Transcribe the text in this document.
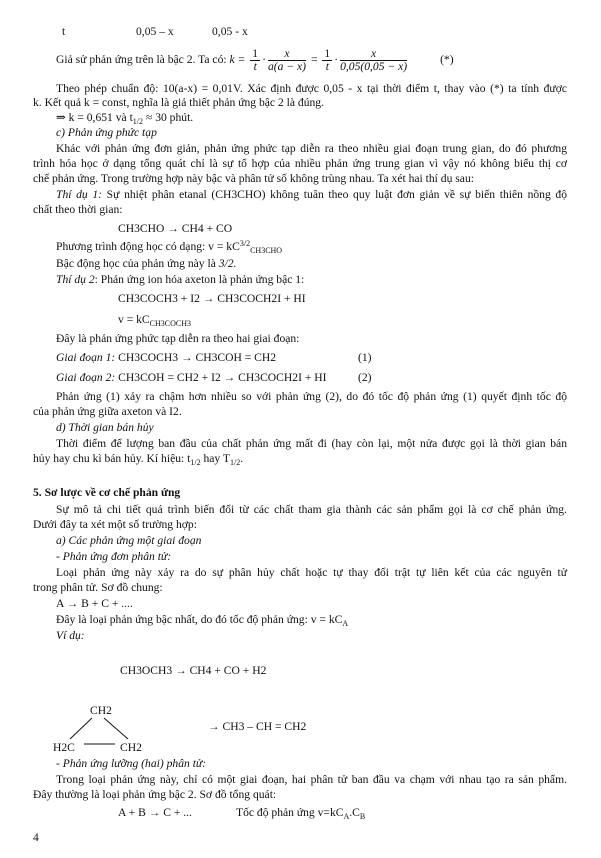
t	0,05 – x	0,05 - x
Giả sử phản ứng trên là bậc 2. Ta có: $k = \frac{1}{t} \cdot \frac{x}{a(a - x)} = \frac{1}{t} \cdot \frac{x}{0,05(0,05 - x)}$	(*)
Theo phép chuẩn độ: 10(a-x) = 0,01V. Xác định được 0,05 - x tại thời điểm t, thay vào (*) ta tính được
k. Kết quả k = const, nghĩa là giả thiết phản ứng bậc 2 là đúng.
⇒ k = 0,651 và $t_{1/2} \approx 30$ phút.
c) Phản ứng phức tạp
Khác với phản ứng đơn giản, phản ứng phức tạp diễn ra theo nhiều giai đoạn trung gian, do đó phương
trình hóa học ở dạng tổng quát chỉ là sự tổ hợp của nhiều phản ứng trung gian vì vậy nó không biểu thị cơ
chế phản ứng. Trong trường hợp này bậc và phân tử số không trùng nhau. Ta xét hai thí dụ sau:
Thí dụ 1: Sự nhiệt phân etanal (CH3CHO) không tuân theo quy luật đơn giản về sự biến thiên nồng độ
chất theo thời gian:
CH3CHO → CH4 + CO
Phương trình động học có dạng: $v = kC^{3/2}_{CH3CHO}$
Bậc động học của phản ứng này là 3/2.
Thí dụ 2: Phản ứng ion hóa axeton là phản ứng bậc 1:
CH3COCH3 + I2 → CH3COCH2I + HI
$v = kC_{CH3COCH3}$
Đây là phản ứng phức tạp diễn ra theo hai giai đoạn:
Giai đoạn 1: CH3COCH3 → CH3COH = CH2	(1)
Giai đoạn 2: CH3COH = CH2 + I2 → CH3COCH2I + HI	(2)
Phản ứng (1) xảy ra chậm hơn nhiều so với phản ứng (2), do đó tốc độ phản ứng (1) quyết định tốc độ
của phản ứng giữa axeton và I2.
d) Thời gian bán hủy
Thời điểm để lượng ban đầu của chất phản ứng mất đi (hay còn lại, một nửa được gọi là thời gian bán
hủy hay chu kì bán hủy. Kí hiệu: $t_{1/2}$ hay $T_{1/2}$.
5. Sơ lược về cơ chế phản ứng
Sự mô tả chi tiết quá trình biến đổi từ các chất tham gia thành các sản phẩm gọi là cơ chế phản ứng.
Dưới đây ta xét một số trường hợp:
a) Các phản ứng một giai đoạn
- Phản ứng đơn phân tử:
Loại phản ứng này xảy ra do sự phân hủy chất hoặc tự thay đổi trật tự liên kết của các nguyên tử
trong phân tử. Sơ đồ chung:
A → B + C + ....
Đây là loại phản ứng bậc nhất, do đó tốc độ phản ứng: $v = kC_A$
Ví dụ:
CH3OCH3 → CH4 + CO + H2
CH2
→ CH3 – CH = CH2
H2C	CH2
- Phản ứng lưỡng (hai) phân tử:
Trong loại phản ứng này, chỉ có một giai đoạn, hai phân tử ban đầu va chạm với nhau tạo ra sản phẩm.
Đây thường là loại phản ứng bậc 2. Sơ đồ tổng quát:
A + B → C + ...	Tốc độ phản ứng $v=kC_A.C_B$
4
